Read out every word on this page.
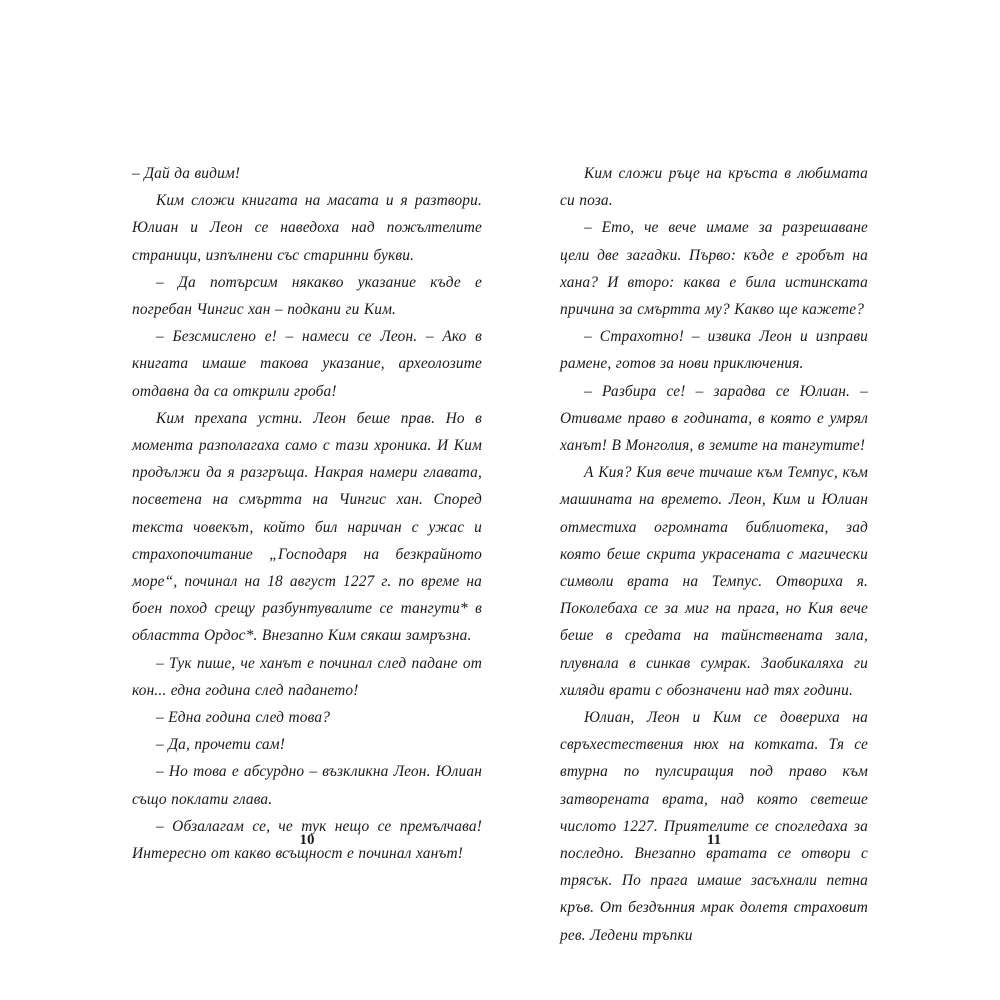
– Дай да видим!

Ким сложи книгата на масата и я разтвори. Юлиан и Леон се наведоха над пожълтелите страници, изпълнени със старинни букви.

– Да потърсим някакво указание къде е погребан Чингис хан – подкани ги Ким.

– Безсмислено е! – намеси се Леон. – Ако в книгата имаше такова указание, археолозите отдавна да са открили гроба!

Ким прехапа устни. Леон беше прав. Но в момента разполагаха само с тази хроника. И Ким продължи да я разгръща. Накрая намери главата, посветена на смъртта на Чингис хан. Според текста човекът, който бил наричан с ужас и страхопочитание „Господаря на безкрайното море“, починал на 18 август 1227 г. по време на боен поход срещу разбунтувалите се тангути* в областта Ордос*. Внезапно Ким сякаш замръзна.

– Тук пише, че ханът е починал след падане от кон... една година след падането!

– Една година след това?

– Да, прочети сам!

– Но това е абсурдно – възкликна Леон. Юлиан също поклати глава.

– Обзалагам се, че тук нещо се премълчава! Интересно от какво всъщност е починал ханът!

10

Ким сложи ръце на кръста в любимата си поза.

– Ето, че вече имаме за разрешаване цели две загадки. Първо: къде е гробът на хана? И второ: каква е била истинската причина за смъртта му? Какво ще кажете?

– Страхотно! – извика Леон и изправи рамене, готов за нови приключения.

– Разбира се! – зарадва се Юлиан. – Отиваме право в годината, в която е умрял ханът! В Монголия, в земите на тангутите!

А Кия? Кия вече тичаше към Темпус, към машината на времето. Леон, Ким и Юлиан отместиха огромната библиотека, зад която беше скрита украсената с магически символи врата на Темпус. Отвориха я. Поколебаха се за миг на прага, но Кия вече беше в средата на тайнствената зала, плувнала в синкав сумрак. Заобикаляха ги хиляди врати с обозначени над тях години.

Юлиан, Леон и Ким се довериха на свръхестествения нюх на котката. Тя се втурна по пулсиращия под право към затворената врата, над която светеше числото 1227. Приятелите се спогледаха за последно. Внезапно вратата се отвори с трясък. По прага имаше засъхнали петна кръв. От бездънния мрак долетя страховит рев. Ледени тръпки

11
